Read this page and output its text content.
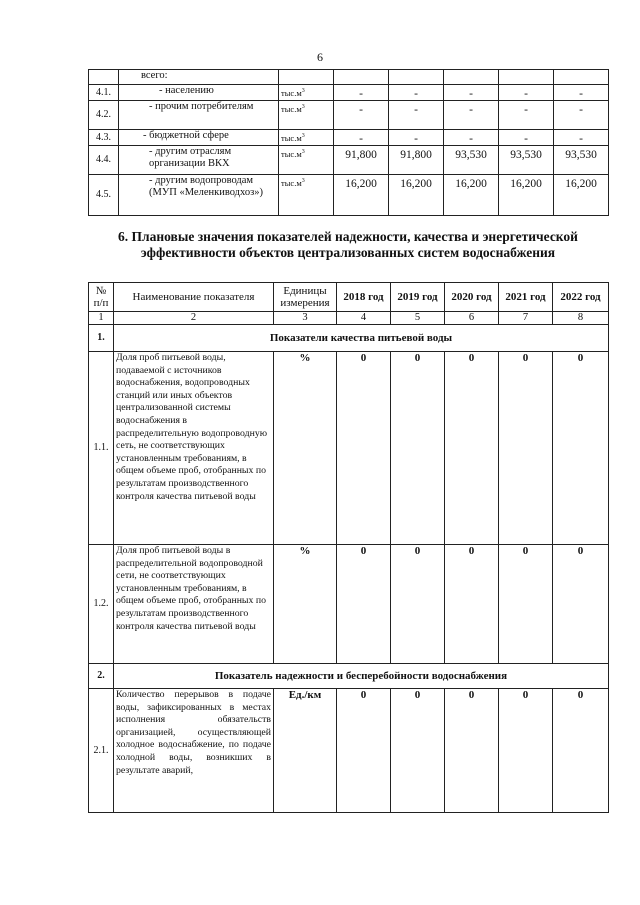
6
	всего:						
4.1.	- населению	$тыс.м^3$	-	-	-	-	-
4.2.	- прочим потребителям	$тыс.м^3$	-	-	-	-	-
4.3.	- бюджетной сфере	$тыс.м^3$	-	-	-	-	-
4.4.	- другим отраслям организации ВКХ	$тыс.м^3$	91,800	91,800	93,530	93,530	93,530
4.5.	- другим водопроводам (МУП «Меленкиводхоз»)	$тыс.м^3$	16,200	16,200	16,200	16,200	16,200
6. Плановые значения показателей надежности, качества и энергетической эффективности объектов централизованных систем водоснабжения
№ п/п	Наименование показателя	Единицы измерения	2018 год	2019 год	2020 год	2021 год	2022 год
1	2	3	4	5	6	7	8
1.	Показатели качества питьевой воды						
1.1.	Доля проб питьевой воды, подаваемой с источников водоснабжения, водопроводных станций или иных объектов централизованной системы водоснабжения в распределительную водопроводную сеть, не соответствующих установленным требованиям, в общем объеме проб, отобранных по результатам производственного контроля качества питьевой воды	%	0	0	0	0	0
1.2.	Доля проб питьевой воды в распределительной водопроводной сети, не соответствующих установленным требованиям, в общем объеме проб, отобранных по результатам производственного контроля качества питьевой воды	%	0	0	0	0	0
2.	Показатель надежности и бесперебойности водоснабжения						
2.1.	Количество перерывов в подаче воды, зафиксированных в местах исполнения обязательств организацией, осуществляющей холодное водоснабжение, по подаче холодной воды, возникших в результате аварий,	Ед./км	0	0	0	0	0
